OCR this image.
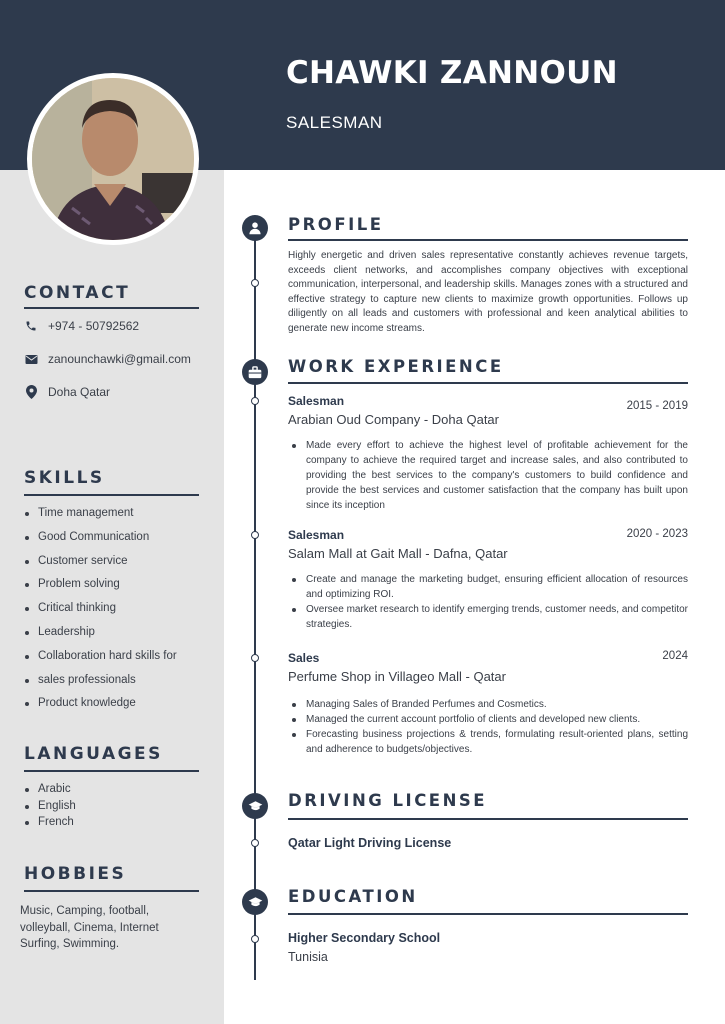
CHAWKI ZANNOUN
SALESMAN
CONTACT
+974 - 50792562
zanounchawki@gmail.com
Doha Qatar
SKILLS
Time management
Good Communication
Customer service
Problem solving
Critical thinking
Leadership
Collaboration hard skills for
sales professionals
Product knowledge
LANGUAGES
Arabic
English
French
HOBBIES
Music, Camping, football, volleyball, Cinema, Internet Surfing, Swimming.
PROFILE
Highly energetic and driven sales representative constantly achieves revenue targets, exceeds client networks, and accomplishes company objectives with exceptional communication, interpersonal, and leadership skills. Manages zones with a structured and effective strategy to capture new clients to maximize growth opportunities. Follows up diligently on all leads and customers with professional and keen analytical abilities to generate new income streams.
WORK EXPERIENCE
Salesman	2015 - 2019
Arabian Oud Company - Doha Qatar
Made every effort to achieve the highest level of profitable achievement for the company to achieve the required target and increase sales, and also contributed to providing the best services to the company's customers to build confidence and provide the best services and customer satisfaction that the company has built upon since its inception
Salesman	2020 - 2023
Salam Mall at Gait Mall - Dafna, Qatar
Create and manage the marketing budget, ensuring efficient allocation of resources and optimizing ROI.
Oversee market research to identify emerging trends, customer needs, and competitor strategies.
Sales	2024
Perfume Shop in Villageo Mall - Qatar
Managing Sales of Branded Perfumes and Cosmetics.
Managed the current account portfolio of clients and developed new clients.
Forecasting business projections & trends, formulating result-oriented plans, setting and adherence to budgets/objectives.
DRIVING LICENSE
Qatar Light Driving License
EDUCATION
Higher Secondary School
Tunisia
